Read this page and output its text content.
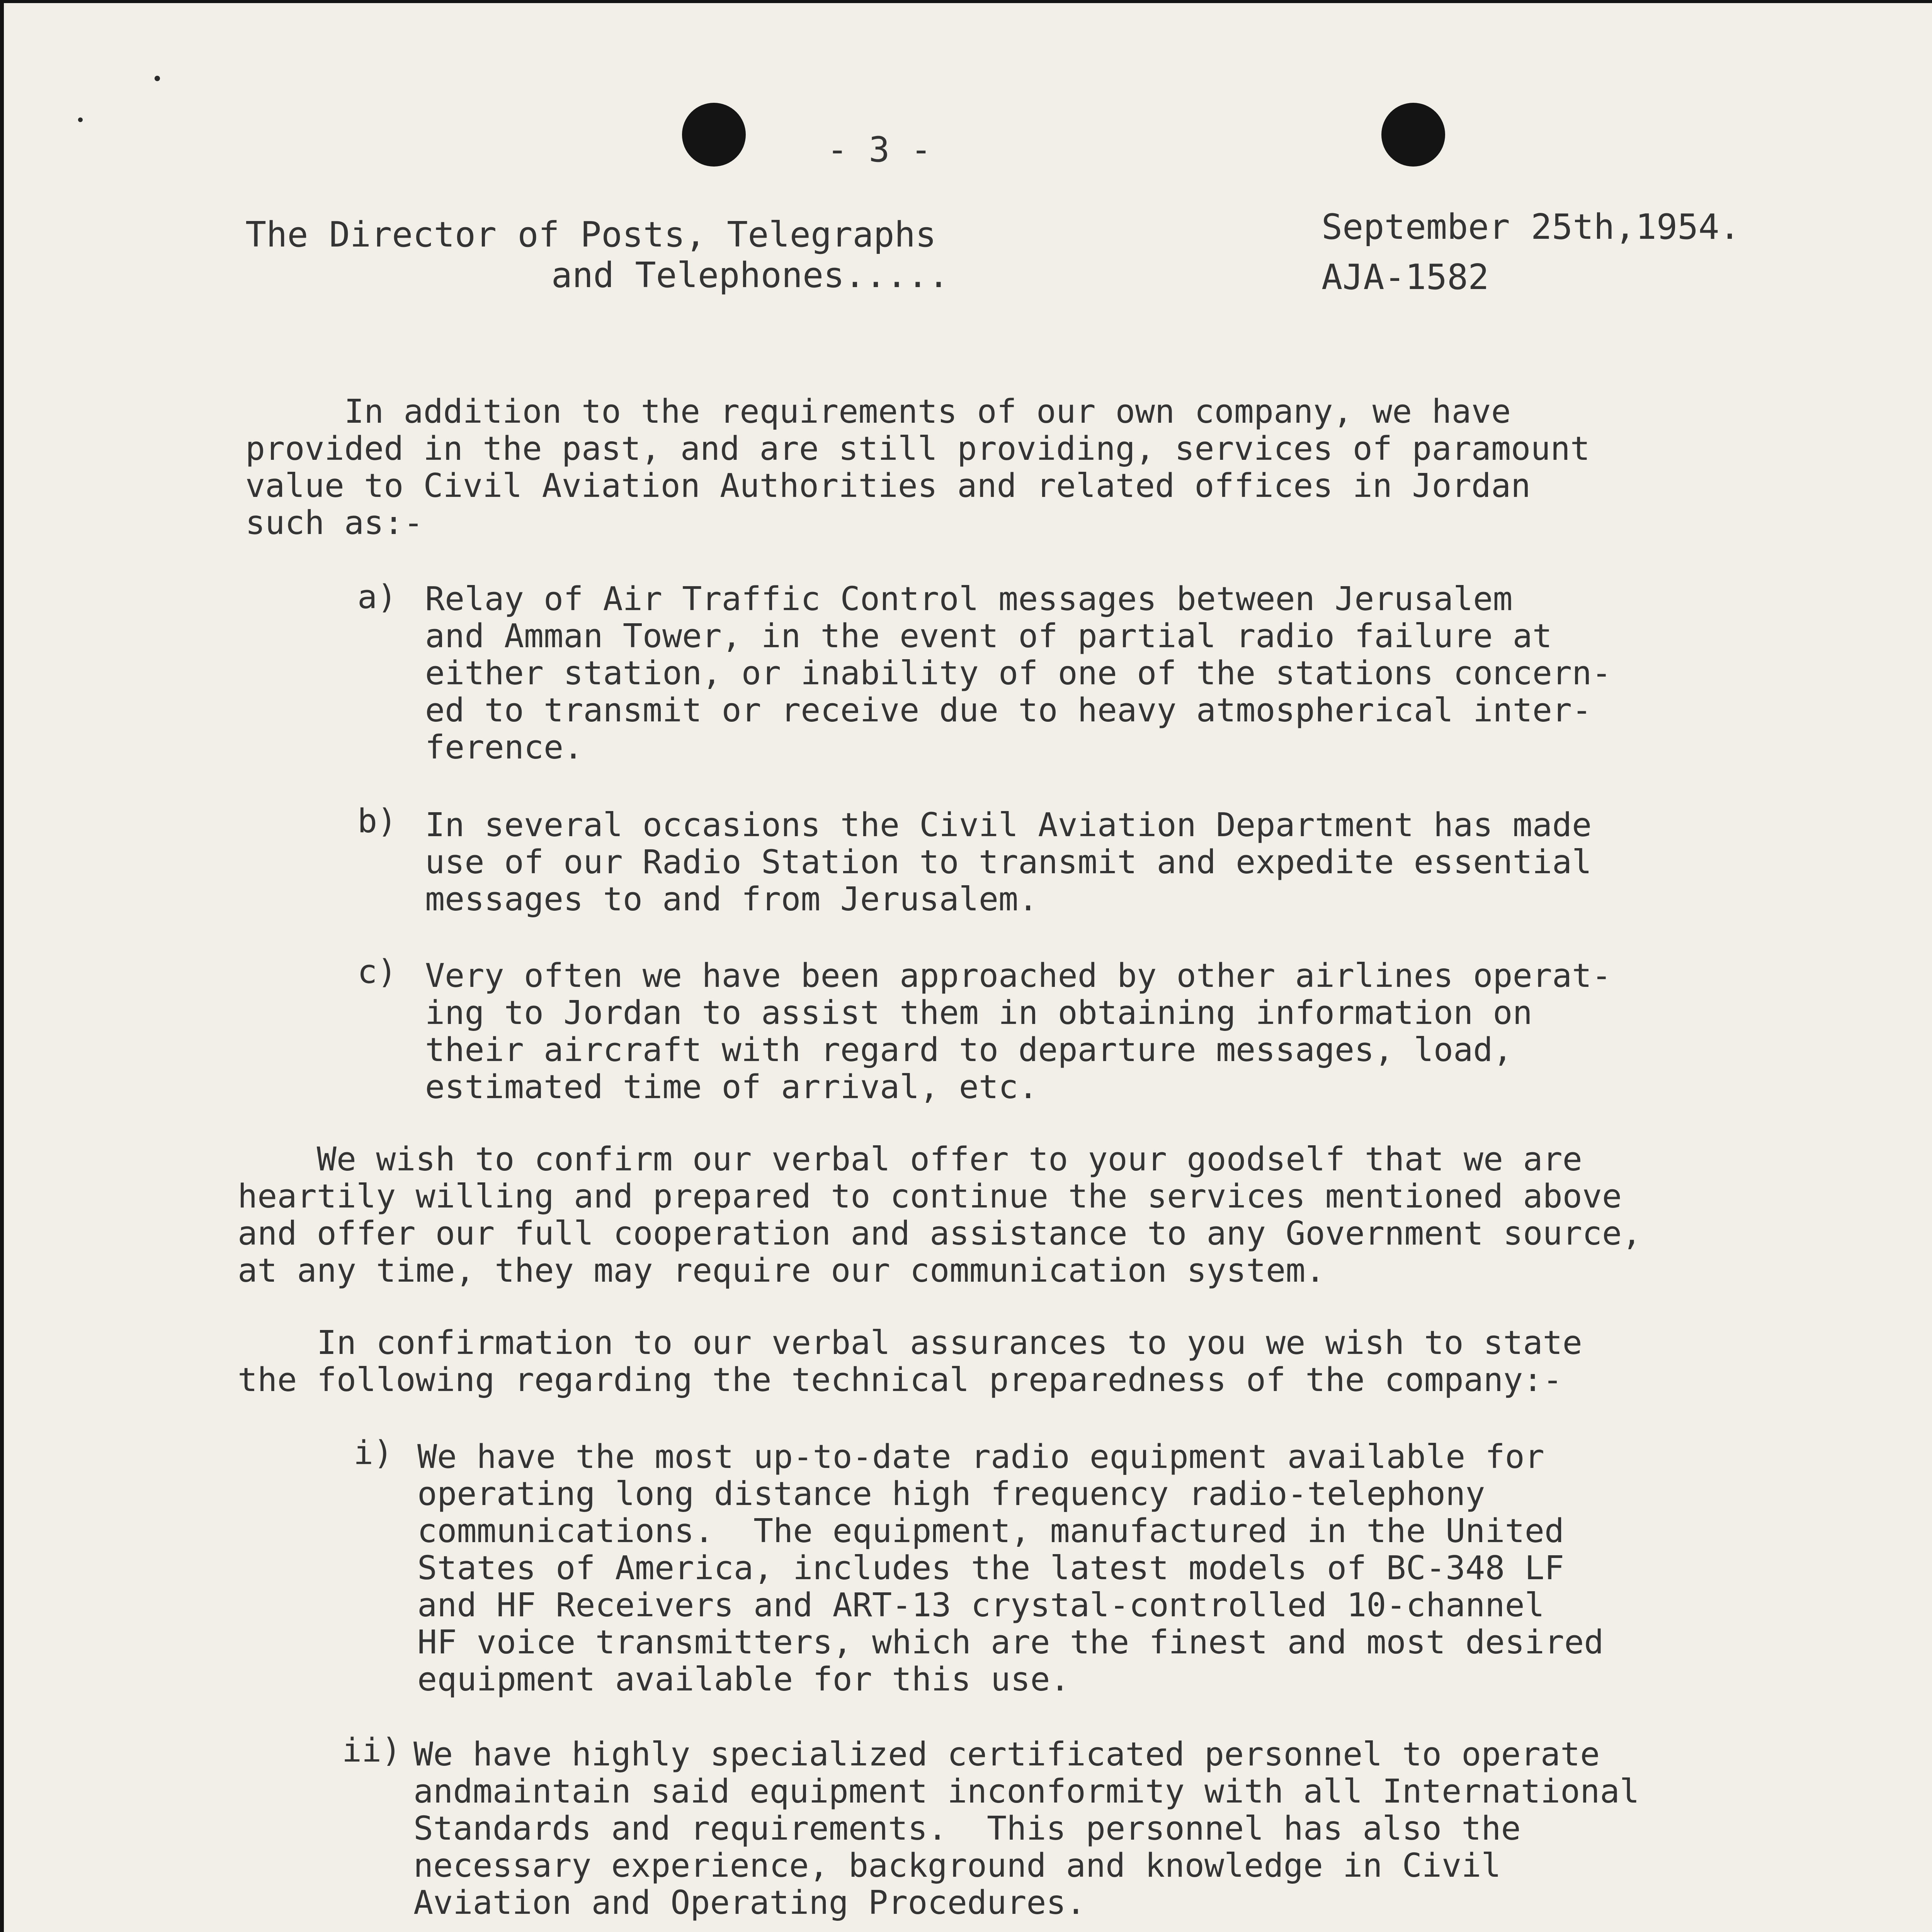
- 3 -
The Director of Posts, Telegraphs
and Telephones.....
September 25th,1954.
AJA-1582
In addition to the requirements of our own company, we have
provided in the past, and are still providing, services of paramount
value to Civil Aviation Authorities and related offices in Jordan
such as:-
a) Relay of Air Traffic Control messages between Jerusalem
and Amman Tower, in the event of partial radio failure at
either station, or inability of one of the stations concern-
ed to transmit or receive due to heavy atmospherical inter-
ference.
b) In several occasions the Civil Aviation Department has made
use of our Radio Station to transmit and expedite essential
messages to and from Jerusalem.
c) Very often we have been approached by other airlines operat-
ing to Jordan to assist them in obtaining information on
their aircraft with regard to departure messages, load,
estimated time of arrival, etc.
We wish to confirm our verbal offer to your goodself that we are
heartily willing and prepared to continue the services mentioned above
and offer our full cooperation and assistance to any Government source,
at any time, they may require our communication system.
In confirmation to our verbal assurances to you we wish to state
the following regarding the technical preparedness of the company:-
i) We have the most up-to-date radio equipment available for
operating long distance high frequency radio-telephony
communications.  The equipment, manufactured in the United
States of America, includes the latest models of BC-348 LF
and HF Receivers and ART-13 crystal-controlled 10-channel
HF voice transmitters, which are the finest and most desired
equipment available for this use.
ii) We have highly specialized certificated personnel to operate
andmaintain said equipment inconformity with all International
Standards and requirements.  This personnel has also the
necessary experience, background and knowledge in Civil
Aviation and Operating Procedures.
